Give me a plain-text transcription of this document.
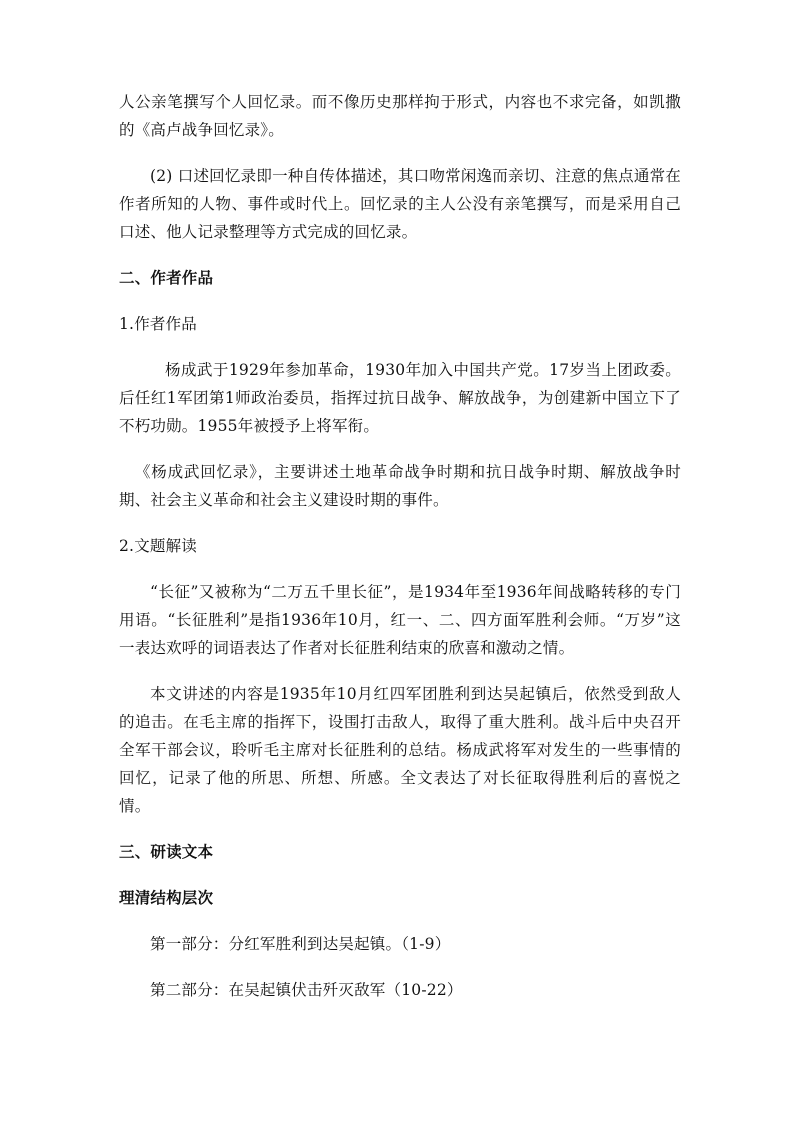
人公亲笔撰写个人回忆录。而不像历史那样拘于形式，内容也不求完备，如凯撒的《高卢战争回忆录》。

(2) 口述回忆录即一种自传体描述，其口吻常闲逸而亲切、注意的焦点通常在作者所知的人物、事件或时代上。回忆录的主人公没有亲笔撰写，而是采用自己口述、他人记录整理等方式完成的回忆录。

二、作者作品

1.作者作品

杨成武于1929年参加革命，1930年加入中国共产党。17岁当上团政委。后任红1军团第1师政治委员，指挥过抗日战争、解放战争，为创建新中国立下了不朽功勋。1955年被授予上将军衔。

《杨成武回忆录》，主要讲述土地革命战争时期和抗日战争时期、解放战争时期、社会主义革命和社会主义建设时期的事件。

2.文题解读

“长征”又被称为“二万五千里长征”，是1934年至1936年间战略转移的专门用语。“长征胜利”是指1936年10月，红一、二、四方面军胜利会师。“万岁”这一表达欢呼的词语表达了作者对长征胜利结束的欣喜和激动之情。

本文讲述的内容是1935年10月红四军团胜利到达吴起镇后，依然受到敌人的追击。在毛主席的指挥下，设围打击敌人，取得了重大胜利。战斗后中央召开全军干部会议，聆听毛主席对长征胜利的总结。杨成武将军对发生的一些事情的回忆，记录了他的所思、所想、所感。全文表达了对长征取得胜利后的喜悦之情。

三、研读文本

理清结构层次

第一部分：分红军胜利到达吴起镇。（1-9）

第二部分：在吴起镇伏击歼灭敌军（10-22）
